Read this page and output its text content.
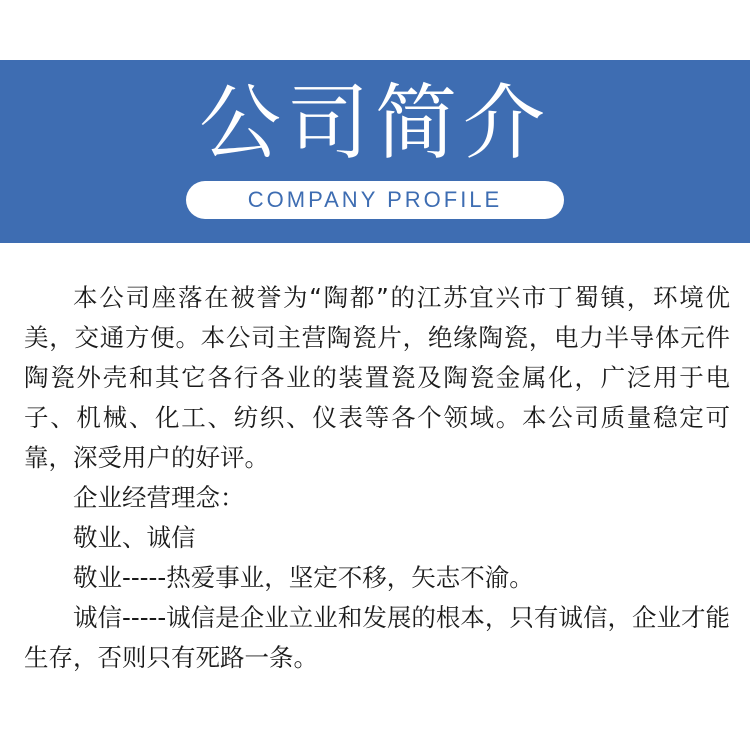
公司简介
COMPANY PROFILE

本公司座落在被誉为“陶都”的江苏宜兴市丁蜀镇，环境优美，交通方便。本公司主营陶瓷片，绝缘陶瓷，电力半导体元件陶瓷外壳和其它各行各业的装置瓷及陶瓷金属化，广泛用于电子、机械、化工、纺织、仪表等各个领域。本公司质量稳定可靠，深受用户的好评。

企业经营理念：

敬业、诚信

敬业-----热爱事业，坚定不移，矢志不渝。

诚信-----诚信是企业立业和发展的根本，只有诚信，企业才能生存，否则只有死路一条。
